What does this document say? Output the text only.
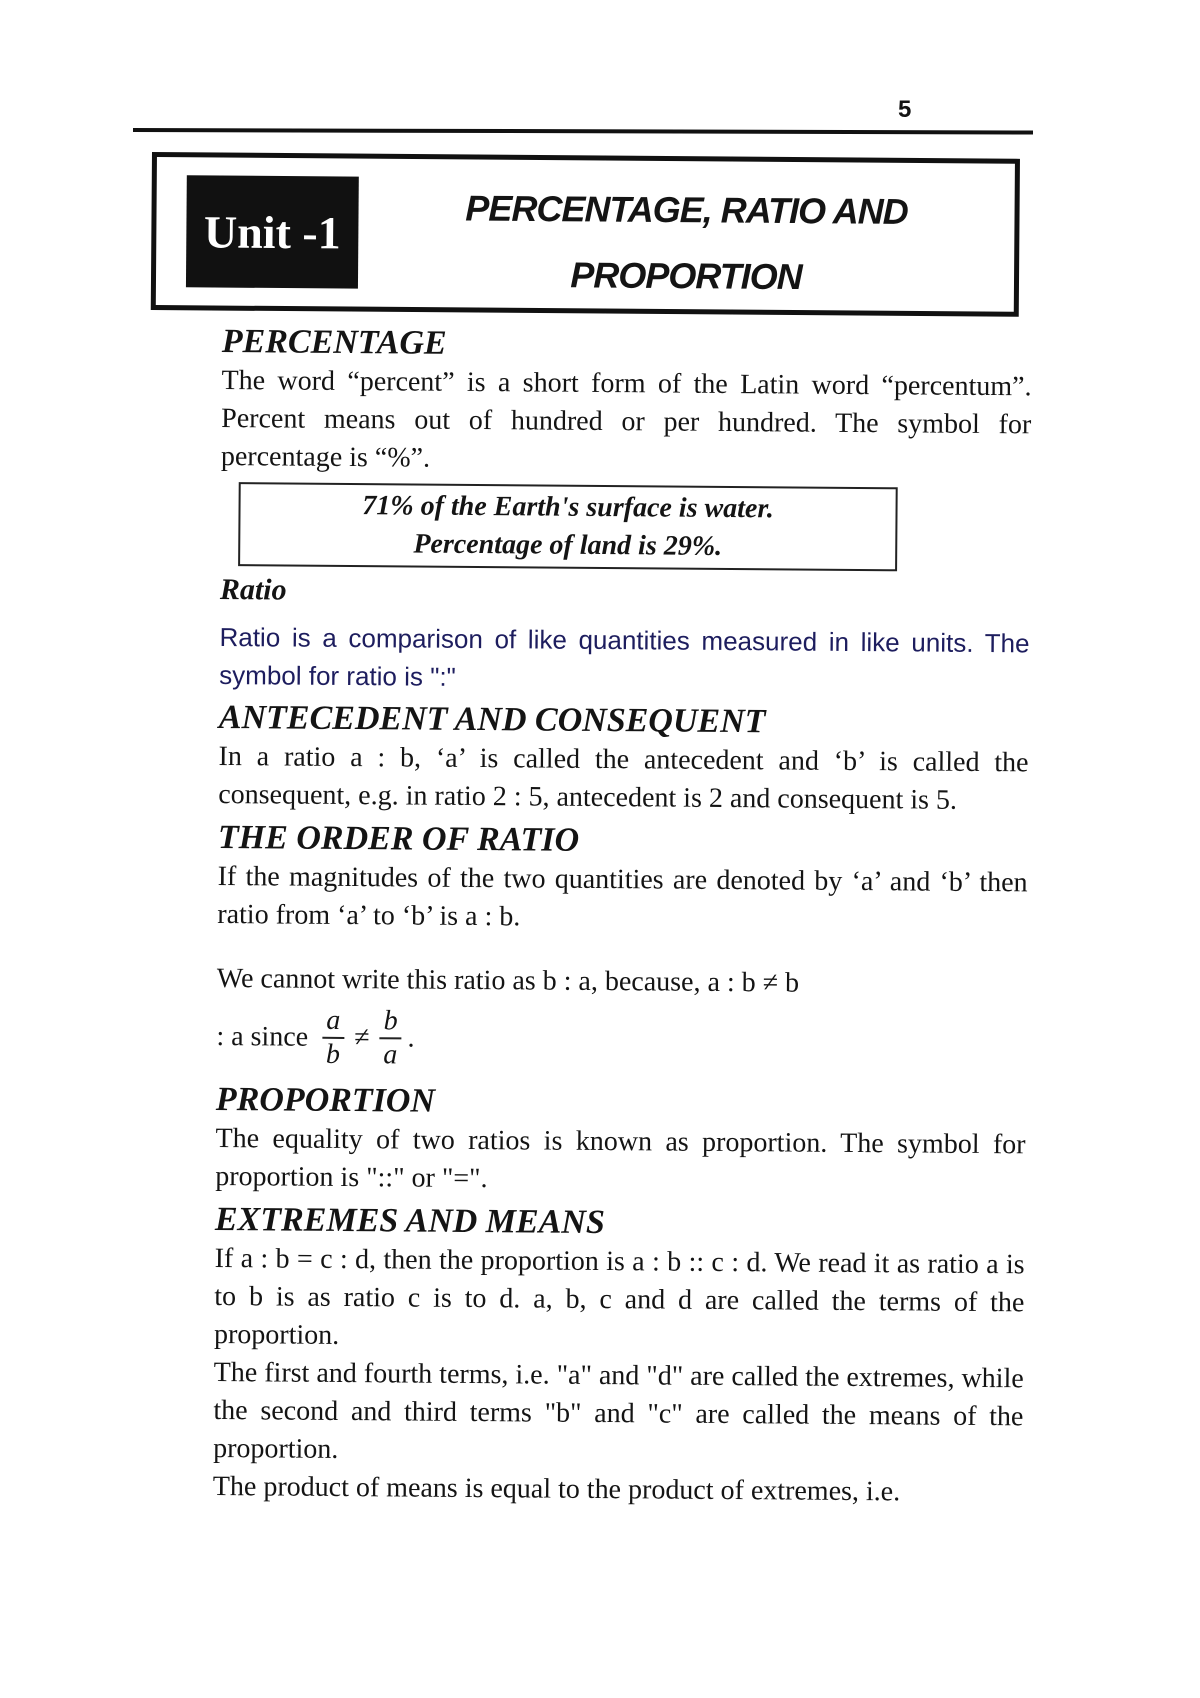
5
Unit -1	PERCENTAGE, RATIO AND
PROPORTION
PERCENTAGE

The word “percent” is a short form of the Latin word “percentum”. Percent means out of hundred or per hundred. The symbol for percentage is “%”.

71% of the Earth's surface is water.
Percentage of land is 29%.
Ratio

Ratio is a comparison of like quantities measured in like units. The symbol for ratio is ":"

ANTECEDENT AND CONSEQUENT

In a ratio a : b, ‘a’ is called the antecedent and ‘b’ is called the consequent, e.g. in ratio 2 : 5, antecedent is 2 and consequent is 5.

THE ORDER OF RATIO

If the magnitudes of the two quantities are denoted by ‘a’ and ‘b’ then ratio from ‘a’ to ‘b’ is a : b.

We cannot write this ratio as b : a, because, a : b ≠ b

: a since $\frac{a}{b} \ne \frac{b}{a}$ .
PROPORTION

The equality of two ratios is known as proportion. The symbol for proportion is "::" or "=".

EXTREMES AND MEANS

If a : b = c : d, then the proportion is a : b :: c : d. We read it as ratio a is to b is as ratio c is to d. a, b, c and d are called the terms of the proportion.

The first and fourth terms, i.e. "a" and "d" are called the extremes, while the second and third terms "b" and "c" are called the means of the proportion.

The product of means is equal to the product of extremes, i.e.
